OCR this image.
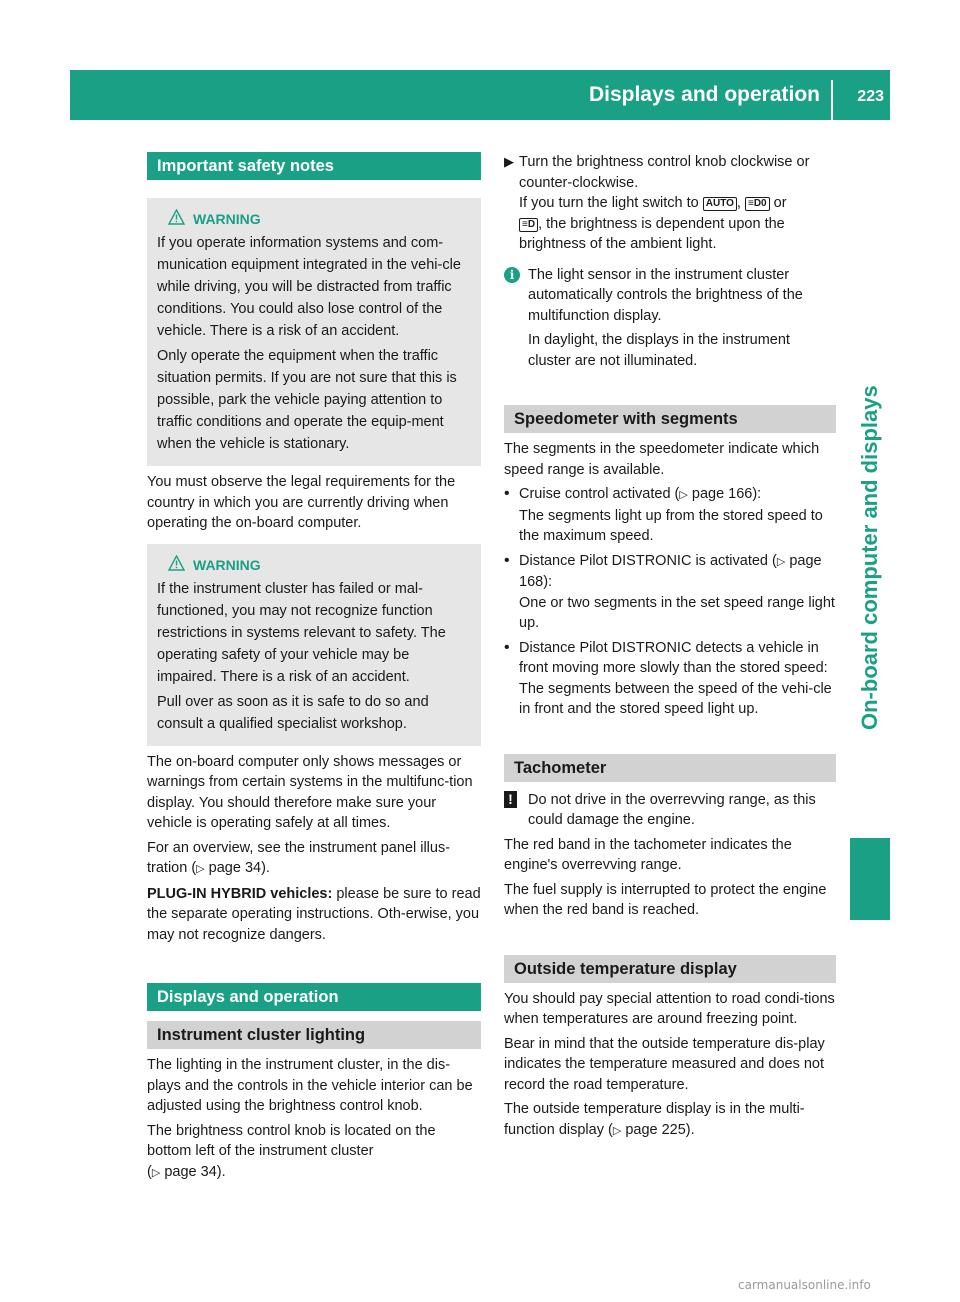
Displays and operation 223
On-board computer and displays
Important safety notes
WARNING

If you operate information systems and com-munication equipment integrated in the vehi-cle while driving, you will be distracted from traffic conditions. You could also lose control of the vehicle. There is a risk of an accident.

Only operate the equipment when the traffic situation permits. If you are not sure that this is possible, park the vehicle paying attention to traffic conditions and operate the equip-ment when the vehicle is stationary.

You must observe the legal requirements for the country in which you are currently driving when operating the on-board computer.

WARNING

If the instrument cluster has failed or mal-functioned, you may not recognize function restrictions in systems relevant to safety. The operating safety of your vehicle may be impaired. There is a risk of an accident.

Pull over as soon as it is safe to do so and consult a qualified specialist workshop.

The on-board computer only shows messages or warnings from certain systems in the multifunc-tion display. You should therefore make sure your vehicle is operating safely at all times.

For an overview, see the instrument panel illus-tration (▷ page 34).

PLUG-IN HYBRID vehicles: please be sure to read the separate operating instructions. Oth-erwise, you may not recognize dangers.

Displays and operation
Instrument cluster lighting

The lighting in the instrument cluster, in the dis-plays and the controls in the vehicle interior can be adjusted using the brightness control knob.

The brightness control knob is located on the bottom left of the instrument cluster
(▷ page 34).

▶ Turn the brightness control knob clockwise or counter-clockwise.
If you turn the light switch to AUTO , ≡D0 or
≡D , the brightness is dependent upon the brightness of the ambient light.
i The light sensor in the instrument cluster automatically controls the brightness of the multifunction display.

In daylight, the displays in the instrument cluster are not illuminated.

Speedometer with segments

The segments in the speedometer indicate which speed range is available.

• Cruise control activated (▷ page 166):

The segments light up from the stored speed to the maximum speed.

• Distance Pilot DISTRONIC is activated (▷ page 168):

One or two segments in the set speed range light up.

• Distance Pilot DISTRONIC detects a vehicle in front moving more slowly than the stored speed:

The segments between the speed of the vehi-cle in front and the stored speed light up.

Tachometer
! Do not drive in the overrevving range, as this could damage the engine.

The red band in the tachometer indicates the engine's overrevving range.

The fuel supply is interrupted to protect the engine when the red band is reached.

Outside temperature display

You should pay special attention to road condi-tions when temperatures are around freezing point.

Bear in mind that the outside temperature dis-play indicates the temperature measured and does not record the road temperature.

The outside temperature display is in the multi-function display (▷ page 225).

carmanualsonline.info
